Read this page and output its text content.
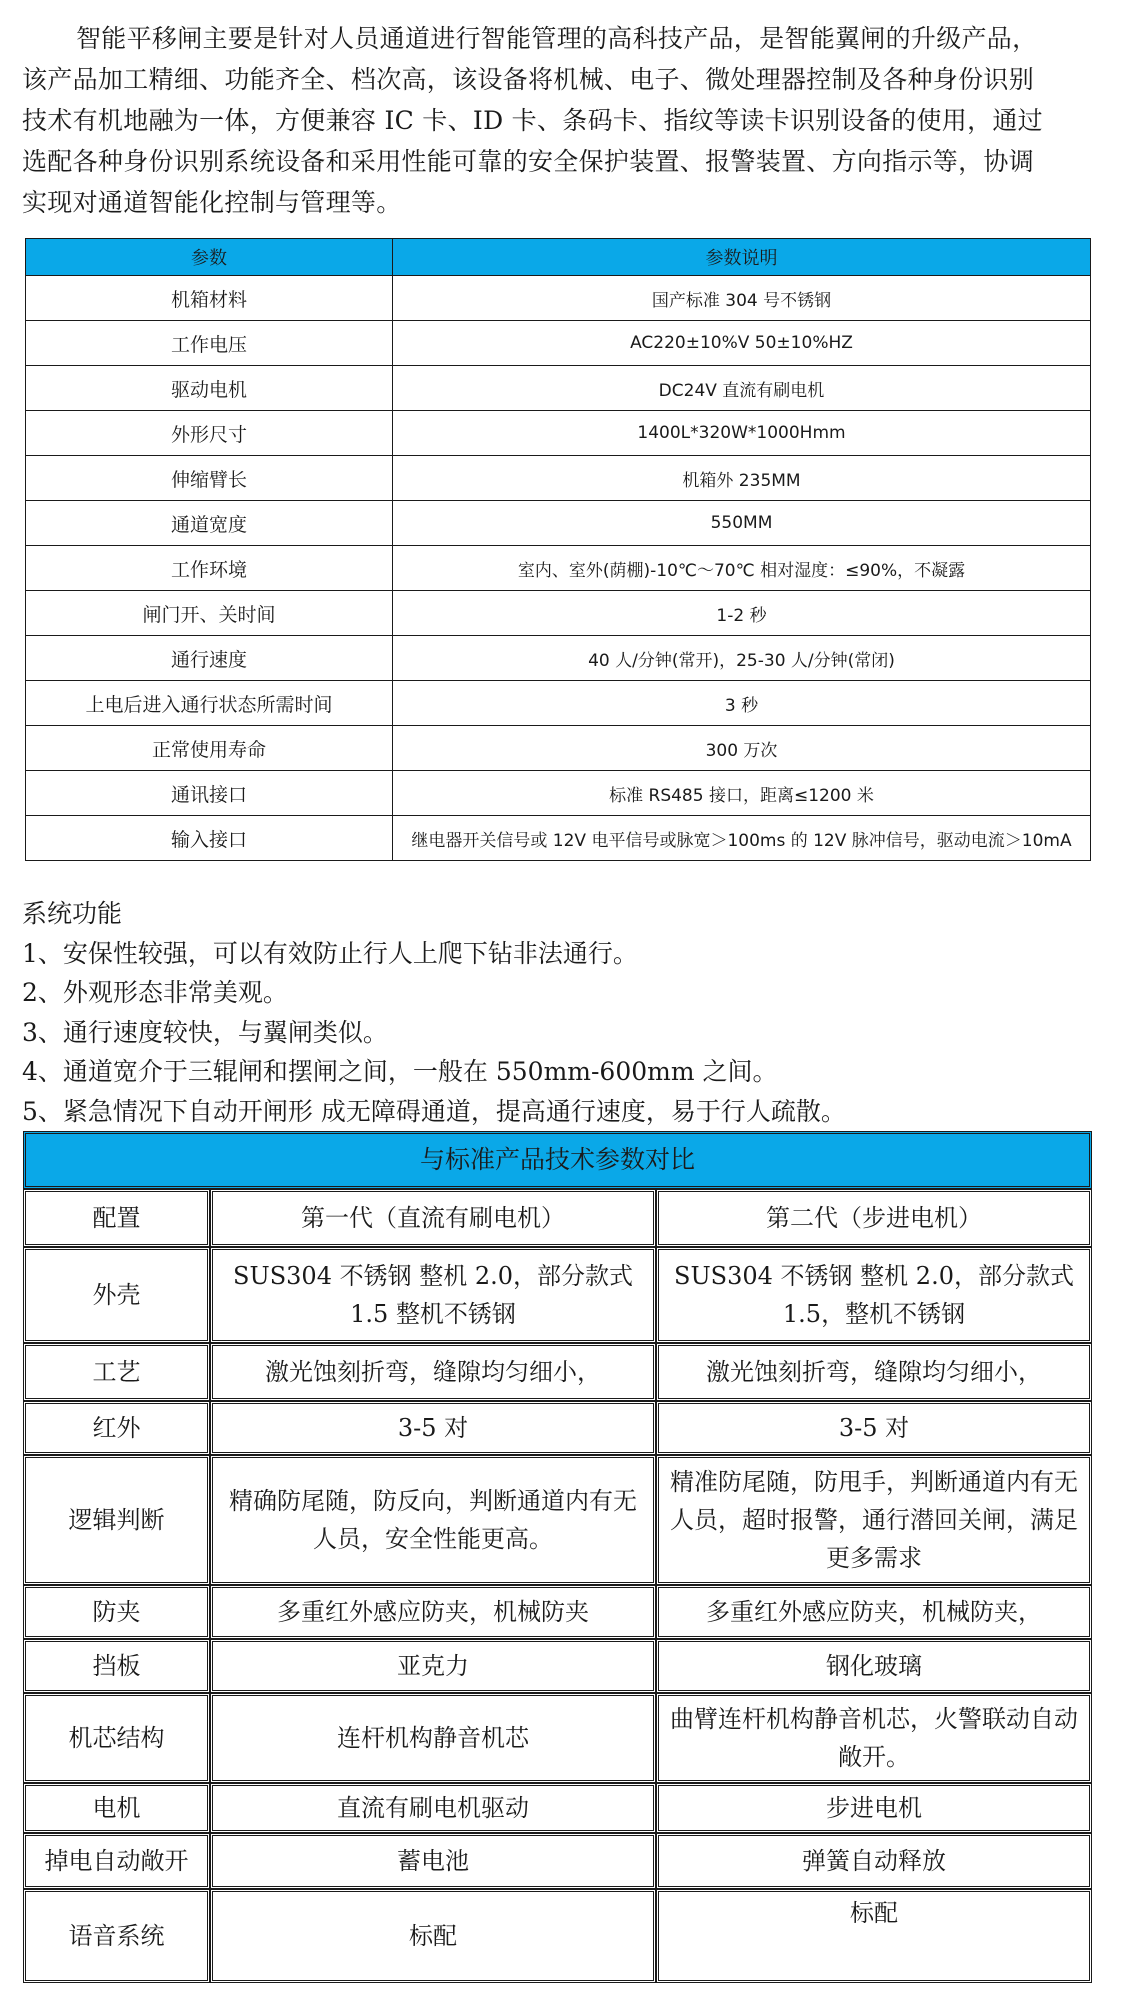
智能平移闸主要是针对人员通道进行智能管理的高科技产品，是智能翼闸的升级产品，
该产品加工精细、功能齐全、档次高，该设备将机械、电子、微处理器控制及各种身份识别
技术有机地融为一体，方便兼容 IC 卡、ID 卡、条码卡、指纹等读卡识别设备的使用，通过
选配各种身份识别系统设备和采用性能可靠的安全保护装置、报警装置、方向指示等，协调
实现对通道智能化控制与管理等。

参数	参数说明
机箱材料	国产标准 304 号不锈钢
工作电压	AC220±10%V 50±10%HZ
驱动电机	DC24V 直流有刷电机
外形尺寸	1400L*320W*1000Hmm
伸缩臂长	机箱外 235MM
通道宽度	550MM
工作环境	室内、室外(荫棚)-10℃～70℃ 相对湿度：≤90%，不凝露
闸门开、关时间	1-2 秒
通行速度	40 人/分钟(常开)，25-30 人/分钟(常闭)
上电后进入通行状态所需时间	3 秒
正常使用寿命	300 万次
通讯接口	标准 RS485 接口，距离≤1200 米
输入接口	继电器开关信号或 12V 电平信号或脉宽＞100ms 的 12V 脉冲信号，驱动电流＞10mA
系统功能
1、安保性较强，可以有效防止行人上爬下钻非法通行。
2、外观形态非常美观。
3、通行速度较快，与翼闸类似。
4、通道宽介于三辊闸和摆闸之间，一般在 550mm-600mm 之间。
5、紧急情况下自动开闸形 成无障碍通道，提高通行速度，易于行人疏散。
与标准产品技术参数对比		
配置	第一代（直流有刷电机）	第二代（步进电机）
外壳	SUS304 不锈钢 整机 2.0，部分款式 1.5 整机不锈钢	SUS304 不锈钢 整机 2.0，部分款式 1.5，整机不锈钢
工艺	激光蚀刻折弯，缝隙均匀细小，	激光蚀刻折弯，缝隙均匀细小，
红外	3-5 对	3-5 对
逻辑判断	精确防尾随，防反向，判断通道内有无人员，安全性能更高。	精准防尾随，防甩手，判断通道内有无人员，超时报警，通行潜回关闸，满足更多需求
防夹	多重红外感应防夹，机械防夹	多重红外感应防夹，机械防夹，
挡板	亚克力	钢化玻璃
机芯结构	连杆机构静音机芯	曲臂连杆机构静音机芯，火警联动自动敞开。
电机	直流有刷电机驱动	步进电机
掉电自动敞开	蓄电池	弹簧自动释放
语音系统	标配	标配
